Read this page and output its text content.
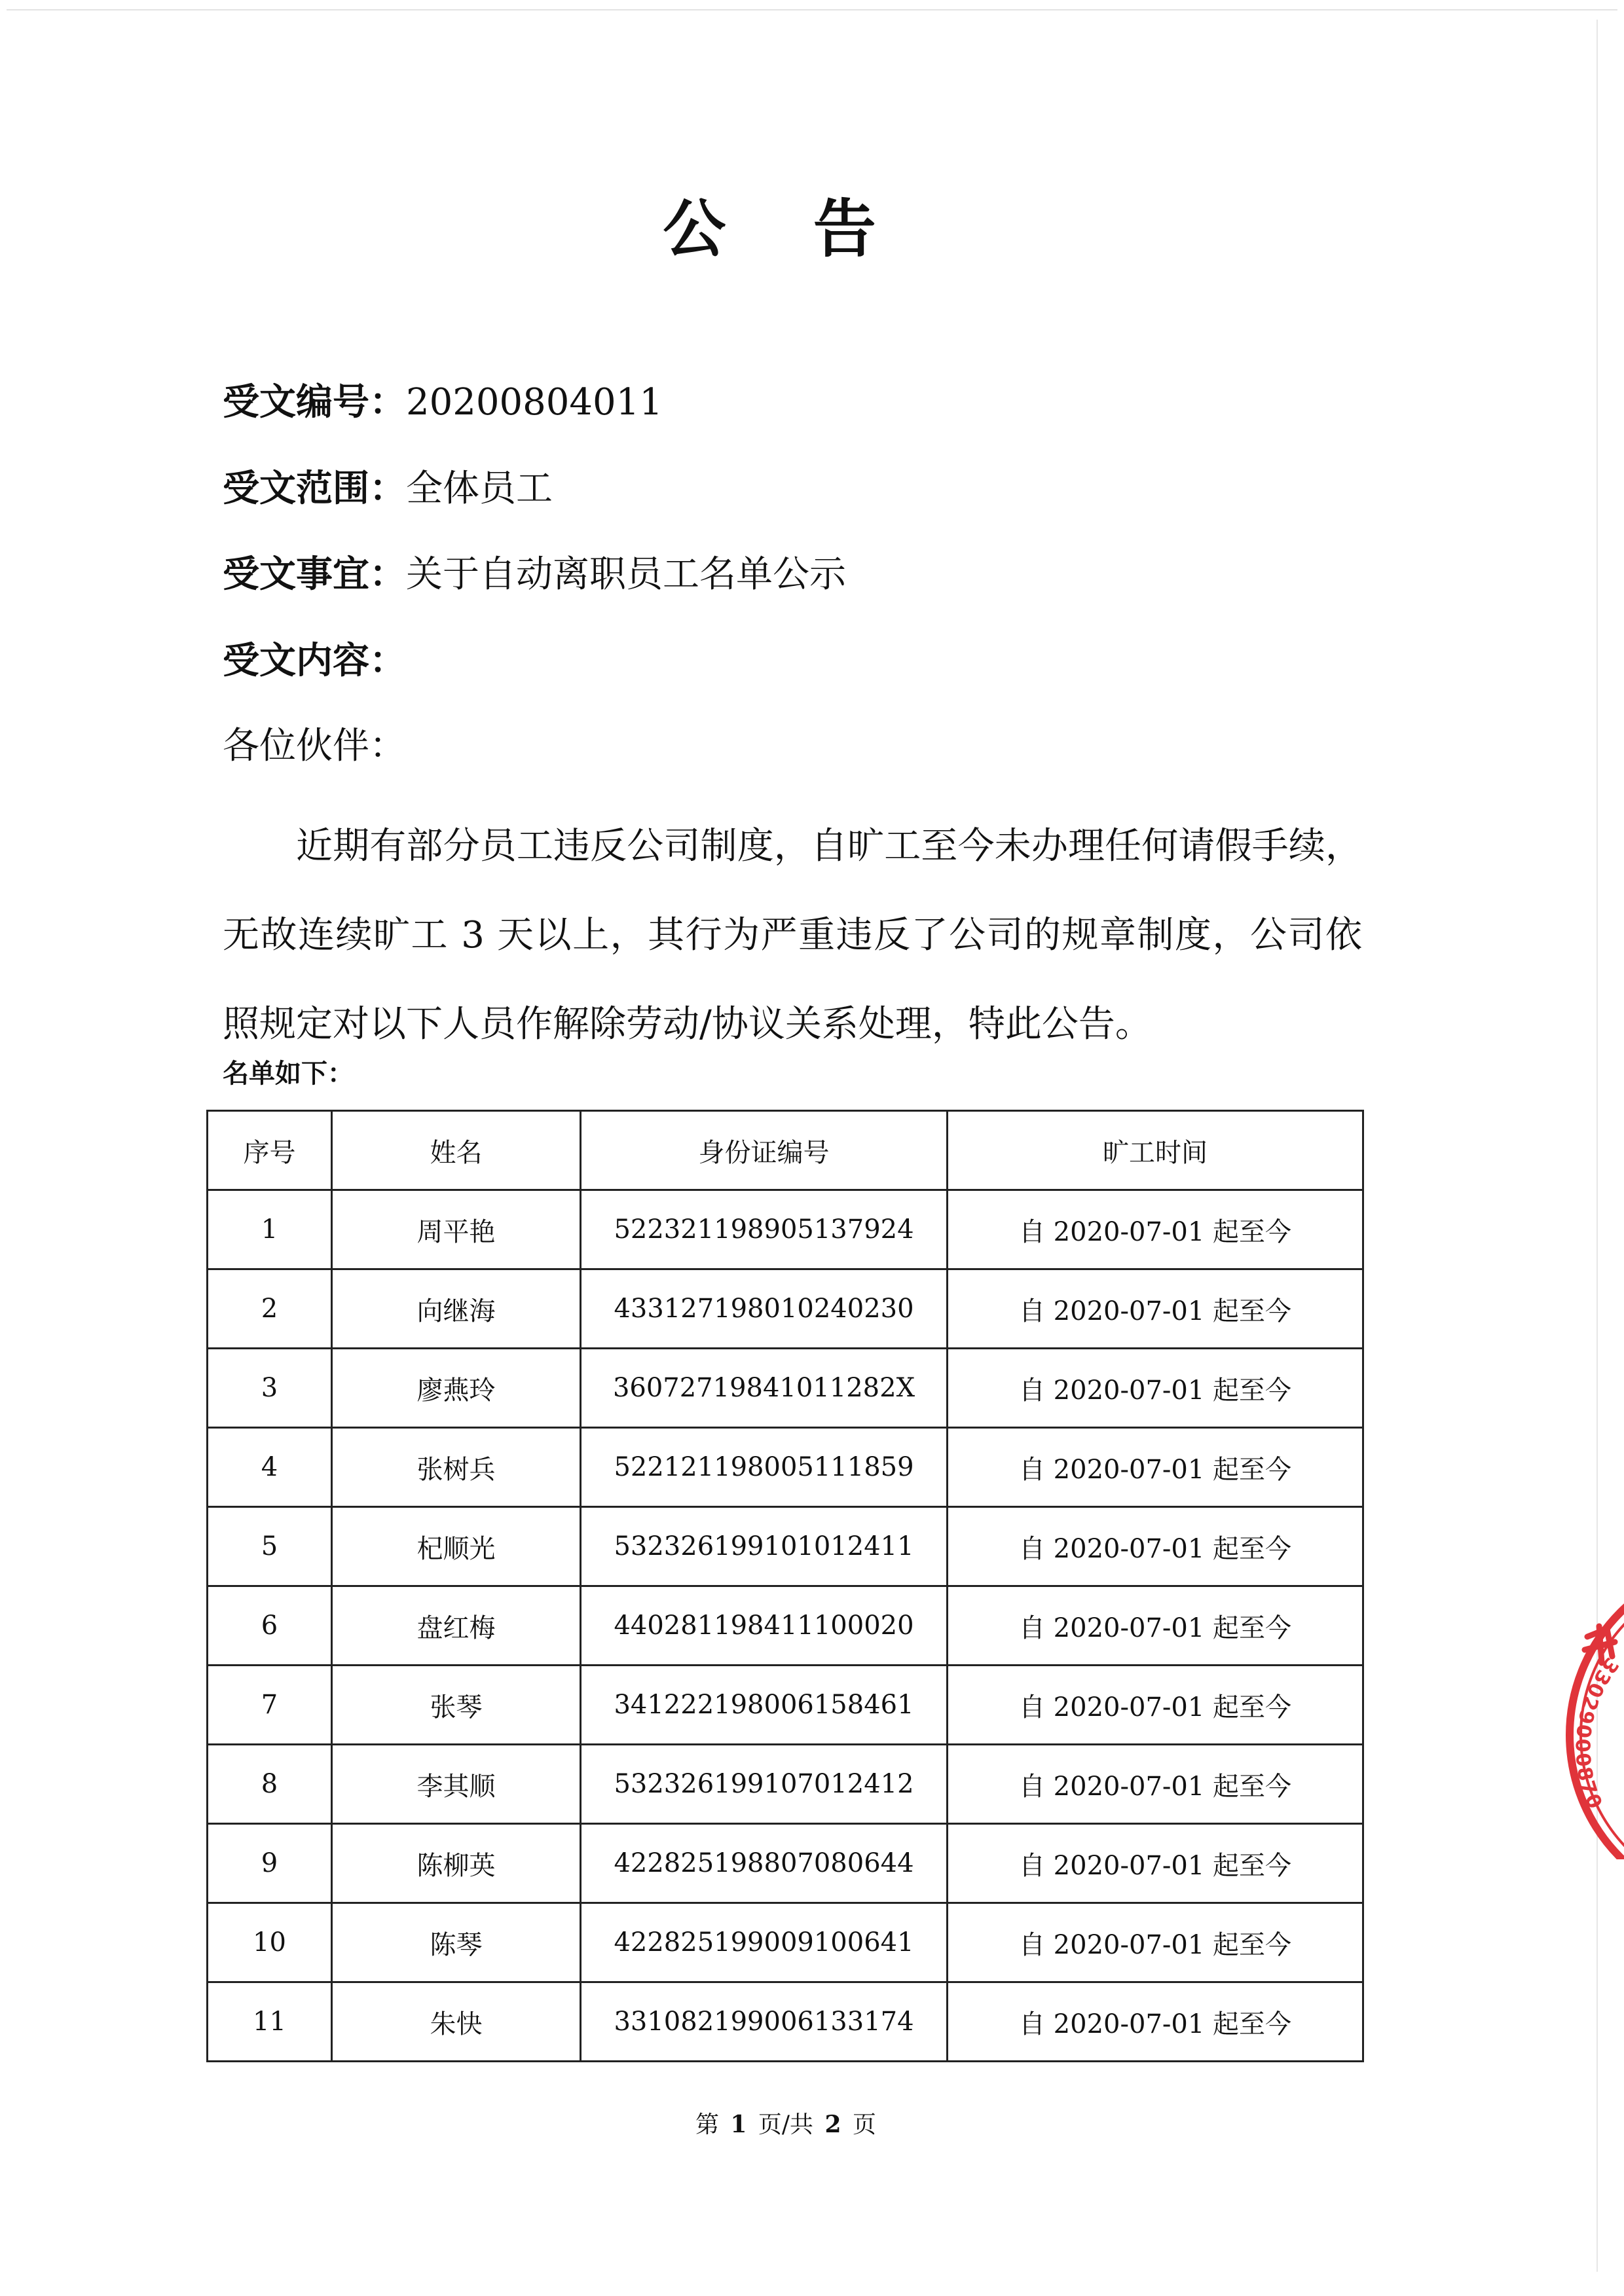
公 告
受文编号：20200804011
受文范围：全体员工
受文事宜：关于自动离职员工名单公示
受文内容：
各位伙伴：
近期有部分员工违反公司制度，自旷工至今未办理任何请假手续，无故连续旷工 3 天以上，其行为严重违反了公司的规章制度，公司依照规定对以下人员作解除劳动/协议关系处理，特此公告。
名单如下：
序号	姓名	身份证编号	旷工时间
1	周平艳	522321198905137924	自 2020-07-01 起至今
2	向继海	433127198010240230	自 2020-07-01 起至今
3	廖燕玲	36072719841011282X	自 2020-07-01 起至今
4	张树兵	522121198005111859	自 2020-07-01 起至今
5	杞顺光	532326199101012411	自 2020-07-01 起至今
6	盘红梅	440281198411100020	自 2020-07-01 起至今
7	张琴	341222198006158461	自 2020-07-01 起至今
8	李其顺	532326199107012412	自 2020-07-01 起至今
9	陈柳英	422825198807080644	自 2020-07-01 起至今
10	陈琴	422825199009100641	自 2020-07-01 起至今
11	朱快	331082199006133174	自 2020-07-01 起至今
第 1 页/共 2 页
33029000870
